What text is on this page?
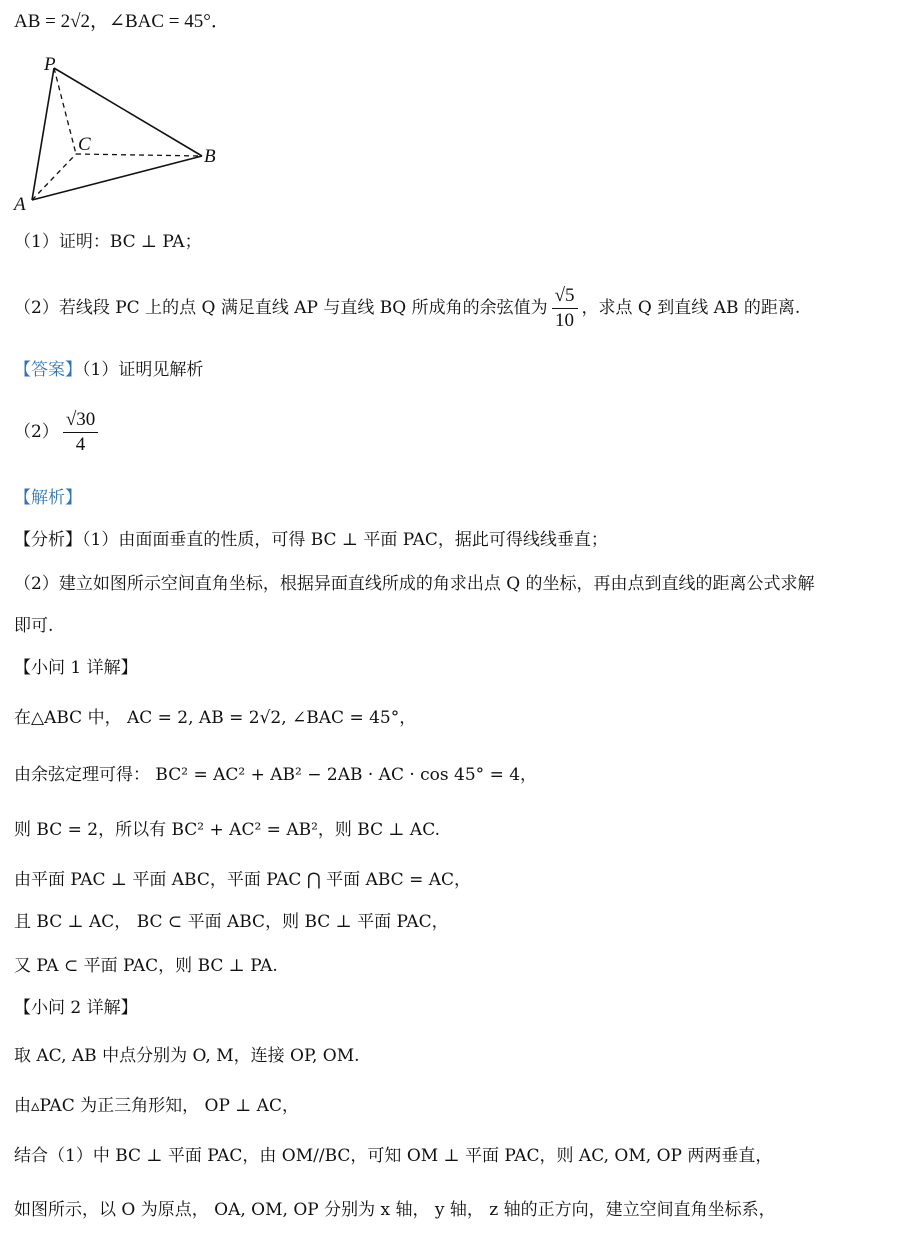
AB = 2√2，∠BAC = 45°．
P
C
B
A
（1）证明：BC ⊥ PA；
（2）若线段 PC 上的点 Q 满足直线 AP 与直线 BQ 所成角的余弦值为 $\frac{√5}{10}$ ，求点 Q 到直线 AB 的距离.
【答案】（1）证明见解析
$(2) \frac{√30}{4}$
【解析】
【分析】（1）由面面垂直的性质，可得 BC ⊥ 平面 PAC，据此可得线线垂直；
（2）建立如图所示空间直角坐标，根据异面直线所成的角求出点 Q 的坐标，再由点到直线的距离公式求解
即可.
【小问 1 详解】
在△ABC 中， AC = 2, AB = 2√2, ∠BAC = 45°，
由余弦定理可得： BC² = AC² + AB² − 2AB · AC · cos 45° = 4，
则 BC = 2，所以有 BC² + AC² = AB²，则 BC ⊥ AC.
由平面 PAC ⊥ 平面 ABC，平面 PAC ⋂ 平面 ABC = AC，
且 BC ⊥ AC， BC ⊂ 平面 ABC，则 BC ⊥ 平面 PAC，
又 PA ⊂ 平面 PAC，则 BC ⊥ PA.
【小问 2 详解】
取 AC, AB 中点分别为 O, M，连接 OP, OM.
由▵PAC 为正三角形知， OP ⊥ AC，
结合（1）中 BC ⊥ 平面 PAC，由 OM//BC，可知 OM ⊥ 平面 PAC，则 AC, OM, OP 两两垂直，
如图所示，以 O 为原点， OA, OM, OP 分别为 x 轴， y 轴， z 轴的正方向，建立空间直角坐标系，
